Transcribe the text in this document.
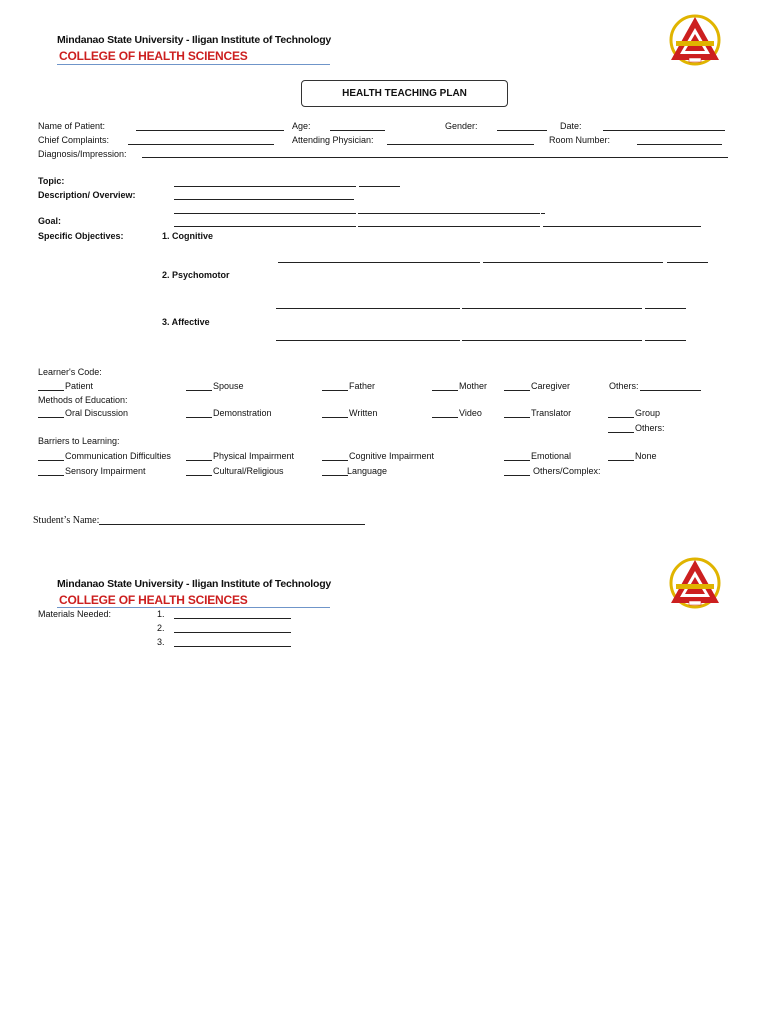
Mindanao State University - Iligan Institute of Technology
COLLEGE OF HEALTH SCIENCES
HEALTH TEACHING PLAN
Name of Patient:	Age:	Gender:	Date:
Chief Complaints:	Attending Physician:	Room Number:
Diagnosis/Impression:
Topic:
Description/ Overview:
Goal:
Specific Objectives:	1. Cognitive
2. Psychomotor
3. Affective
Learner's Code:
Patient	Spouse	Father	Mother	Caregiver	Others:
Methods of Education:
Oral Discussion	Demonstration	Written	Video	Translator	Group
Others:
Barriers to Learning:
Communication Difficulties	Physical Impairment	Cognitive Impairment	Emotional	None
Sensory Impairment	Cultural/Religious	Language	Others/Complex:
Student’s Name:
Mindanao State University - Iligan Institute of Technology
COLLEGE OF HEALTH SCIENCES
Materials Needed:	1.
2.
3.
